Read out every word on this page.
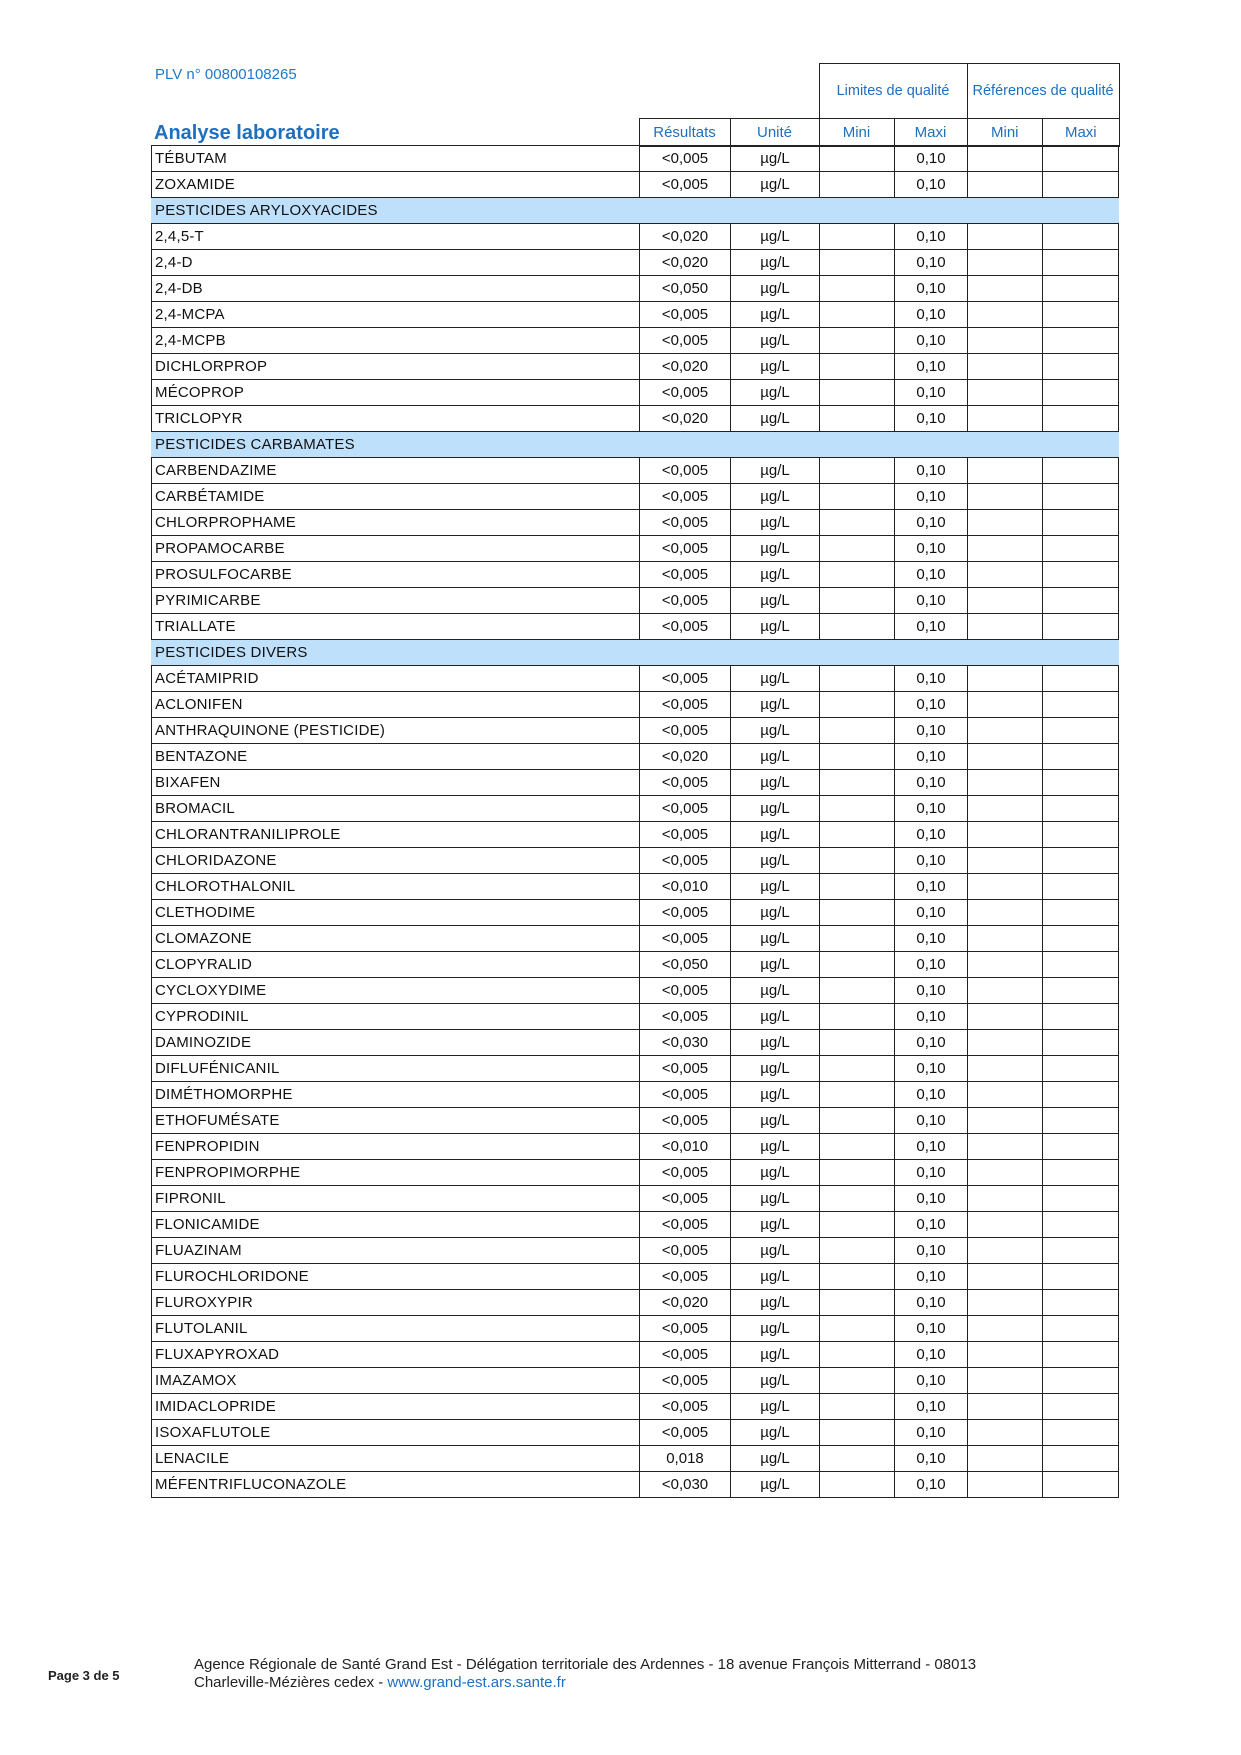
PLV n° 00800108265
Analyse laboratoire
			Limites de qualité		Références de qualité	
	Résultats	Unité	Mini	Maxi	Mini	Maxi
TÉBUTAM	<0,005	µg/L		0,10		
ZOXAMIDE	<0,005	µg/L		0,10		
PESTICIDES ARYLOXYACIDES						
2,4,5-T	<0,020	µg/L		0,10		
2,4-D	<0,020	µg/L		0,10		
2,4-DB	<0,050	µg/L		0,10		
2,4-MCPA	<0,005	µg/L		0,10		
2,4-MCPB	<0,005	µg/L		0,10		
DICHLORPROP	<0,020	µg/L		0,10		
MÉCOPROP	<0,005	µg/L		0,10		
TRICLOPYR	<0,020	µg/L		0,10		
PESTICIDES CARBAMATES						
CARBENDAZIME	<0,005	µg/L		0,10		
CARBÉTAMIDE	<0,005	µg/L		0,10		
CHLORPROPHAME	<0,005	µg/L		0,10		
PROPAMOCARBE	<0,005	µg/L		0,10		
PROSULFOCARBE	<0,005	µg/L		0,10		
PYRIMICARBE	<0,005	µg/L		0,10		
TRIALLATE	<0,005	µg/L		0,10		
PESTICIDES DIVERS						
ACÉTAMIPRID	<0,005	µg/L		0,10		
ACLONIFEN	<0,005	µg/L		0,10		
ANTHRAQUINONE (PESTICIDE)	<0,005	µg/L		0,10		
BENTAZONE	<0,020	µg/L		0,10		
BIXAFEN	<0,005	µg/L		0,10		
BROMACIL	<0,005	µg/L		0,10		
CHLORANTRANILIPROLE	<0,005	µg/L		0,10		
CHLORIDAZONE	<0,005	µg/L		0,10		
CHLOROTHALONIL	<0,010	µg/L		0,10		
CLETHODIME	<0,005	µg/L		0,10		
CLOMAZONE	<0,005	µg/L		0,10		
CLOPYRALID	<0,050	µg/L		0,10		
CYCLOXYDIME	<0,005	µg/L		0,10		
CYPRODINIL	<0,005	µg/L		0,10		
DAMINOZIDE	<0,030	µg/L		0,10		
DIFLUFÉNICANIL	<0,005	µg/L		0,10		
DIMÉTHOMORPHE	<0,005	µg/L		0,10		
ETHOFUMÉSATE	<0,005	µg/L		0,10		
FENPROPIDIN	<0,010	µg/L		0,10		
FENPROPIMORPHE	<0,005	µg/L		0,10		
FIPRONIL	<0,005	µg/L		0,10		
FLONICAMIDE	<0,005	µg/L		0,10		
FLUAZINAM	<0,005	µg/L		0,10		
FLUROCHLORIDONE	<0,005	µg/L		0,10		
FLUROXYPIR	<0,020	µg/L		0,10		
FLUTOLANIL	<0,005	µg/L		0,10		
FLUXAPYROXAD	<0,005	µg/L		0,10		
IMAZAMOX	<0,005	µg/L		0,10		
IMIDACLOPRIDE	<0,005	µg/L		0,10		
ISOXAFLUTOLE	<0,005	µg/L		0,10		
LENACILE	0,018	µg/L		0,10		
MÉFENTRIFLUCONAZOLE	<0,030	µg/L		0,10		
Page 3 de 5
Agence Régionale de Santé Grand Est - Délégation territoriale des Ardennes - 18 avenue François Mitterrand - 08013
Charleville-Mézières cedex - www.grand-est.ars.sante.fr
